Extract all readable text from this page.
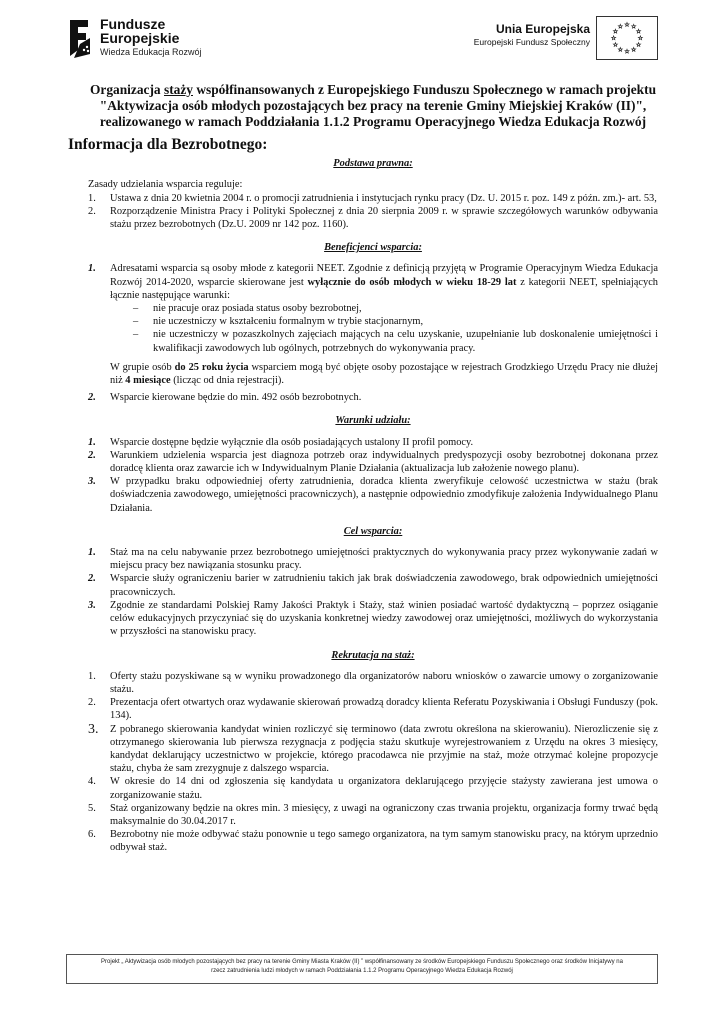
Fundusze
Europejskie
Wiedza Edukacja Rozwój
Unia Europejska
Europejski Fundusz Społeczny
Organizacja staży współfinansowanych z Europejskiego Funduszu Społecznego w ramach projektu "Aktywizacja osób młodych pozostających bez pracy na terenie Gminy Miejskiej Kraków (II)", realizowanego w ramach Poddziałania 1.1.2 Programu Operacyjnego Wiedza Edukacja Rozwój
Informacja dla Bezrobotnego:
Podstawa prawna:
Zasady udzielania wsparcia reguluje:
1. Ustawa z dnia 20 kwietnia 2004 r. o promocji zatrudnienia i instytucjach rynku pracy (Dz. U. 2015 r. poz. 149 z późn. zm.)- art. 53,
2. Rozporządzenie Ministra Pracy i Polityki Społecznej z dnia 20 sierpnia 2009 r. w sprawie szczegółowych warunków odbywania stażu przez bezrobotnych (Dz.U. 2009 nr 142 poz. 1160).
Beneficjenci wsparcia:
1. Adresatami wsparcia są osoby młode z kategorii NEET. Zgodnie z definicją przyjętą w Programie Operacyjnym Wiedza Edukacja Rozwój 2014-2020, wsparcie skierowane jest wyłącznie do osób młodych w wieku 18-29 lat z kategorii NEET, spełniających łącznie następujące warunki:
– nie pracuje oraz posiada status osoby bezrobotnej,
– nie uczestniczy w kształceniu formalnym w trybie stacjonarnym,
– nie uczestniczy w pozaszkolnych zajęciach mających na celu uzyskanie, uzupełnianie lub doskonalenie umiejętności i kwalifikacji zawodowych lub ogólnych, potrzebnych do wykonywania pracy.
W grupie osób do 25 roku życia wsparciem mogą być objęte osoby pozostające w rejestrach Grodzkiego Urzędu Pracy nie dłużej niż 4 miesiące (licząc od dnia rejestracji).
2. Wsparcie kierowane będzie do min. 492 osób bezrobotnych.
Warunki udziału:
1. Wsparcie dostępne będzie wyłącznie dla osób posiadających ustalony II profil pomocy.
2. Warunkiem udzielenia wsparcia jest diagnoza potrzeb oraz indywidualnych predyspozycji osoby bezrobotnej dokonana przez doradcę klienta oraz zawarcie ich w Indywidualnym Planie Działania (aktualizacja lub założenie nowego planu).
3. W przypadku braku odpowiedniej oferty zatrudnienia, doradca klienta zweryfikuje celowość uczestnictwa w stażu (brak doświadczenia zawodowego, umiejętności pracowniczych), a następnie odpowiednio zmodyfikuje założenia Indywidualnego Planu Działania.
Cel wsparcia:
1. Staż ma na celu nabywanie przez bezrobotnego umiejętności praktycznych do wykonywania pracy przez wykonywanie zadań w miejscu pracy bez nawiązania stosunku pracy.
2. Wsparcie służy ograniczeniu barier w zatrudnieniu takich jak brak doświadczenia zawodowego, brak odpowiednich umiejętności pracowniczych.
3. Zgodnie ze standardami Polskiej Ramy Jakości Praktyk i Staży, staż winien posiadać wartość dydaktyczną – poprzez osiąganie celów edukacyjnych przyczyniać się do uzyskania konkretnej wiedzy zawodowej oraz umiejętności, możliwych do wykorzystania w przyszłości na stanowisku pracy.
Rekrutacja na staż:
1. Oferty stażu pozyskiwane są w wyniku prowadzonego dla organizatorów naboru wniosków o zawarcie umowy o zorganizowanie stażu.
2. Prezentacja ofert otwartych oraz wydawanie skierowań prowadzą doradcy klienta Referatu Pozyskiwania i Obsługi Funduszy (pok. 134).
3. Z pobranego skierowania kandydat winien rozliczyć się terminowo (data zwrotu określona na skierowaniu). Nierozliczenie się z otrzymanego skierowania lub pierwsza rezygnacja z podjęcia stażu skutkuje wyrejestrowaniem z Urzędu na okres 3 miesięcy, kandydat deklarujący uczestnictwo w projekcie, którego pracodawca nie przyjmie na staż, może otrzymać kolejne propozycje stażu, chyba że sam zrezygnuje z dalszego wsparcia.
4. W okresie do 14 dni od zgłoszenia się kandydata u organizatora deklarującego przyjęcie stażysty zawierana jest umowa o zorganizowanie stażu.
5. Staż organizowany będzie na okres min. 3 miesięcy, z uwagi na ograniczony czas trwania projektu, organizacja formy trwać będą maksymalnie do 30.04.2017 r.
6. Bezrobotny nie może odbywać stażu ponownie u tego samego organizatora, na tym samym stanowisku pracy, na którym uprzednio odbywał staż.
Projekt „ Aktywizacja osób młodych pozostających bez pracy na terenie Gminy Miasta Kraków (II) ” współfinansowany ze środków Europejskiego Funduszu Społecznego oraz środków Inicjatywy na
rzecz zatrudnienia ludzi młodych w ramach Poddziałania 1.1.2 Programu Operacyjnego Wiedza Edukacja Rozwój
